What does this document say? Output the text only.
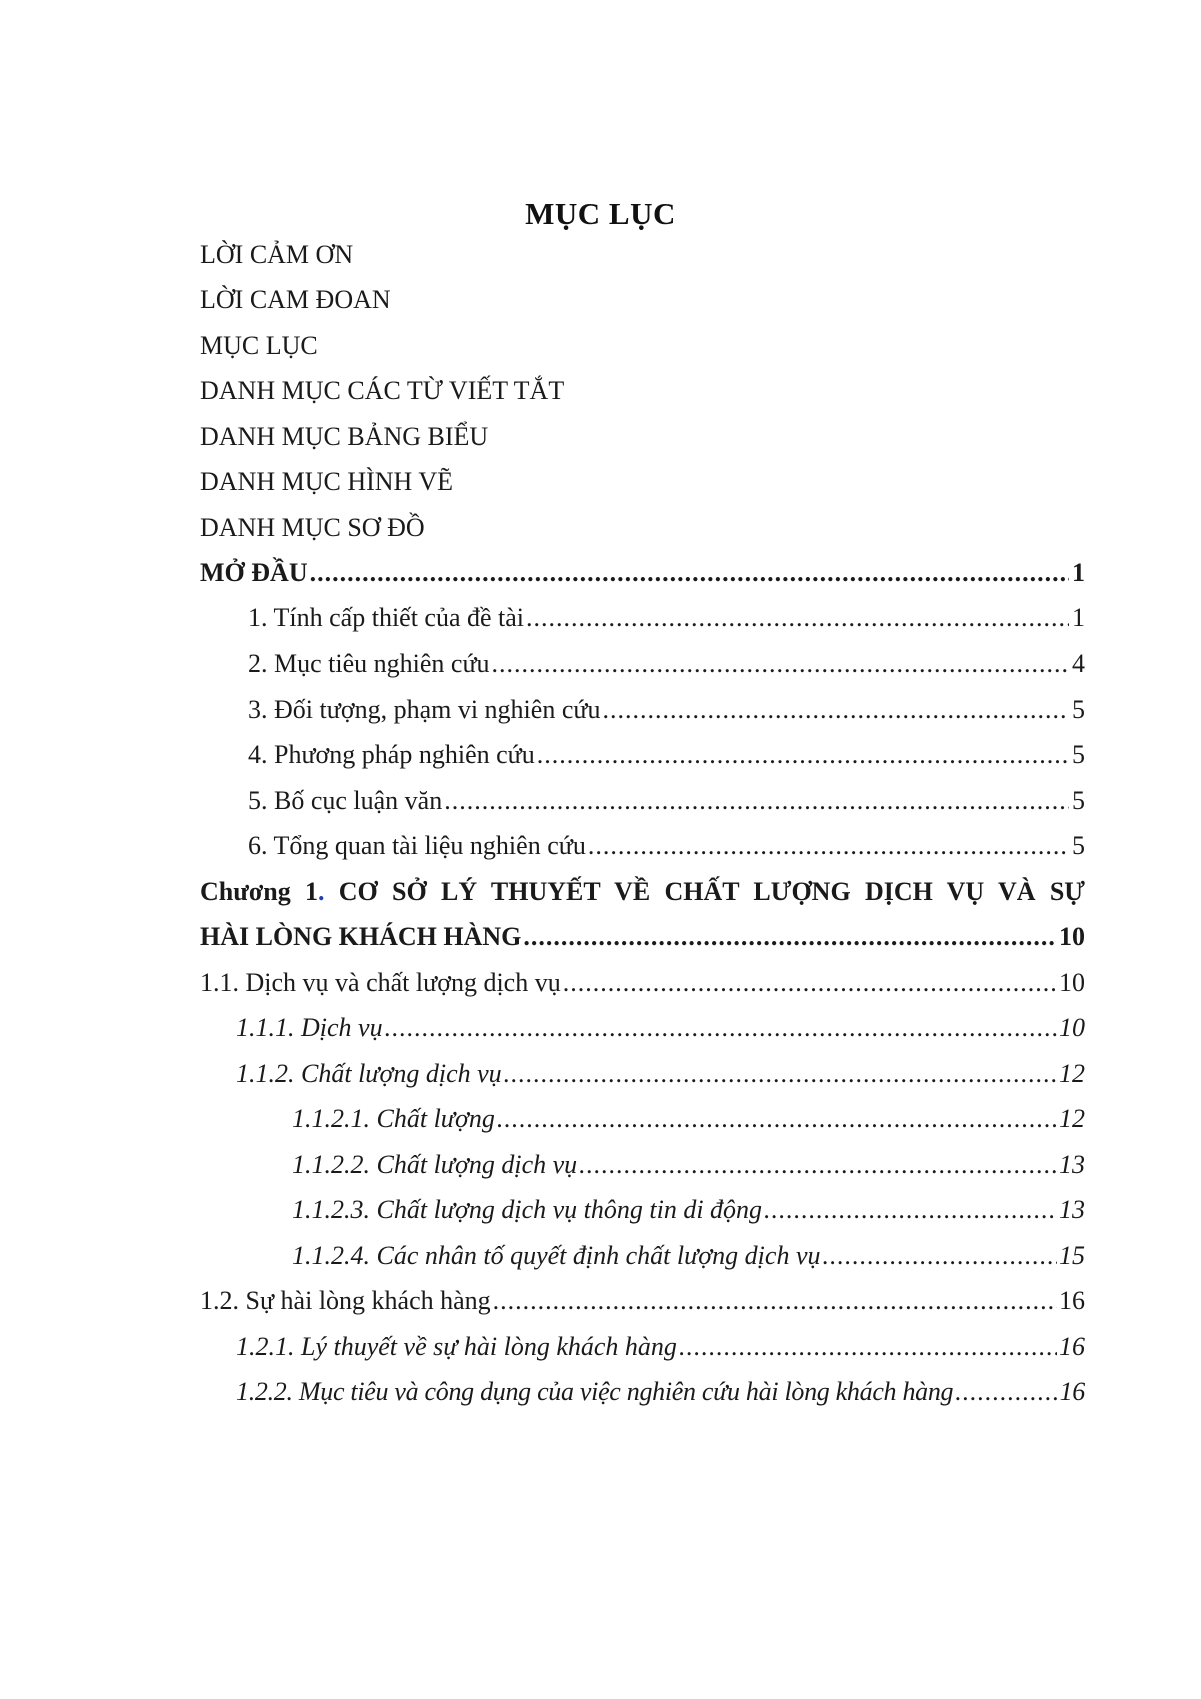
MỤC LỤC
LỜI CẢM ƠN
LỜI CAM ĐOAN
MỤC LỤC
DANH MỤC CÁC TỪ VIẾT TẮT
DANH MỤC BẢNG BIỂU
DANH MỤC HÌNH VẼ
DANH MỤC SƠ ĐỒ
MỞ ĐẦU .....	1
1. Tính cấp thiết của đề tài .....	1
2. Mục tiêu nghiên cứu .....	4
3. Đối tượng, phạm vi nghiên cứu .....	5
4. Phương pháp nghiên cứu .....	5
5. Bố cục luận văn .....	5
6. Tổng quan tài liệu nghiên cứu .....	5
Chương 1. CƠ SỞ LÝ THUYẾT VỀ CHẤT LƯỢNG DỊCH VỤ VÀ SỰ
HÀI LÒNG KHÁCH HÀNG .....	10
1.1. Dịch vụ và chất lượng dịch vụ .....	10
1.1.1. Dịch vụ .....	10
1.1.2. Chất lượng dịch vụ .....	12
1.1.2.1. Chất lượng .....	12
1.1.2.2. Chất lượng dịch vụ .....	13
1.1.2.3. Chất lượng dịch vụ thông tin di động .....	13
1.1.2.4. Các nhân tố quyết định chất lượng dịch vụ .....	15
1.2. Sự hài lòng khách hàng .....	16
1.2.1. Lý thuyết về sự hài lòng khách hàng .....	16
1.2.2. Mục tiêu và công dụng của việc nghiên cứu hài lòng khách hàng .....	16
